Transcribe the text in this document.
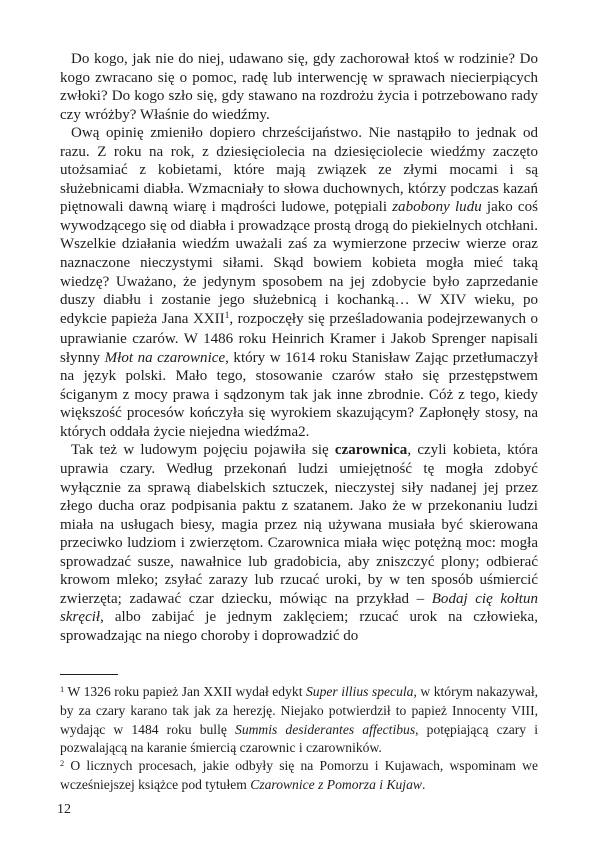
Do kogo, jak nie do niej, udawano się, gdy zachorował ktoś w rodzinie? Do kogo zwracano się o pomoc, radę lub interwencję w sprawach niecierpiących zwłoki? Do kogo szło się, gdy stawano na rozdrożu życia i potrzebowano rady czy wróżby? Właśnie do wiedźmy.

Ową opinię zmieniło dopiero chrześcijaństwo. Nie nastąpiło to jednak od razu. Z roku na rok, z dziesięciolecia na dziesięciolecie wiedźmy zaczęto utożsamiać z kobietami, które mają związek ze złymi mocami i są służebnicami diabła. Wzmacniały to słowa duchownych, którzy podczas kazań piętnowali dawną wiarę i mądrości ludowe, potępiali zabobony ludu jako coś wywodzącego się od diabła i prowadzące prostą drogą do piekielnych otchłani. Wszelkie działania wiedźm uważali zaś za wymierzone przeciw wierze oraz naznaczone nieczystymi siłami. Skąd bowiem kobieta mogła mieć taką wiedzę? Uważano, że jedynym sposobem na jej zdobycie było zaprzedanie duszy diabłu i zostanie jego służebnicą i kochanką… W XIV wieku, po edykcie papieża Jana XXII$^1$, rozpoczęły się prześladowania podejrzewanych o uprawianie czarów. W 1486 roku Heinrich Kramer i Jakob Sprenger napisali słynny Młot na czarownice, który w 1614 roku Stanisław Zając przetłumaczył na język polski. Mało tego, stosowanie czarów stało się przestępstwem ściganym z mocy prawa i sądzonym tak jak inne zbrodnie. Cóż z tego, kiedy większość procesów kończyła się wyrokiem skazującym? Zapłonęły stosy, na których oddała życie niejedna wiedźma2.

Tak też w ludowym pojęciu pojawiła się czarownica, czyli kobieta, która uprawia czary. Według przekonań ludzi umiejętność tę mogła zdobyć wyłącznie za sprawą diabelskich sztuczek, nieczystej siły nadanej jej przez złego ducha oraz podpisania paktu z szatanem. Jako że w przekonaniu ludzi miała na usługach biesy, magia przez nią używana musiała być skierowana przeciwko ludziom i zwierzętom. Czarownica miała więc potężną moc: mogła sprowadzać susze, nawałnice lub gradobicia, aby zniszczyć plony; odbierać krowom mleko; zsyłać zarazy lub rzucać uroki, by w ten sposób uśmiercić zwierzęta; zadawać czar dziecku, mówiąc na przykład – Bodaj cię kołtun skręcił, albo zabijać je jednym zaklęciem; rzucać urok na człowieka, sprowadzając na niego choroby i doprowadzić do

$^1$ W 1326 roku papież Jan XXII wydał edykt Super illius specula, w którym nakazywał, by za czary karano tak jak za herezję. Niejako potwierdził to papież Innocenty VIII, wydając w 1484 roku bullę Summis desiderantes affectibus, potępiającą czary i pozwalającą na karanie śmiercią czarownic i czarowników.

$^2$ O licznych procesach, jakie odbyły się na Pomorzu i Kujawach, wspominam we wcześniejszej książce pod tytułem Czarownice z Pomorza i Kujaw.

12
